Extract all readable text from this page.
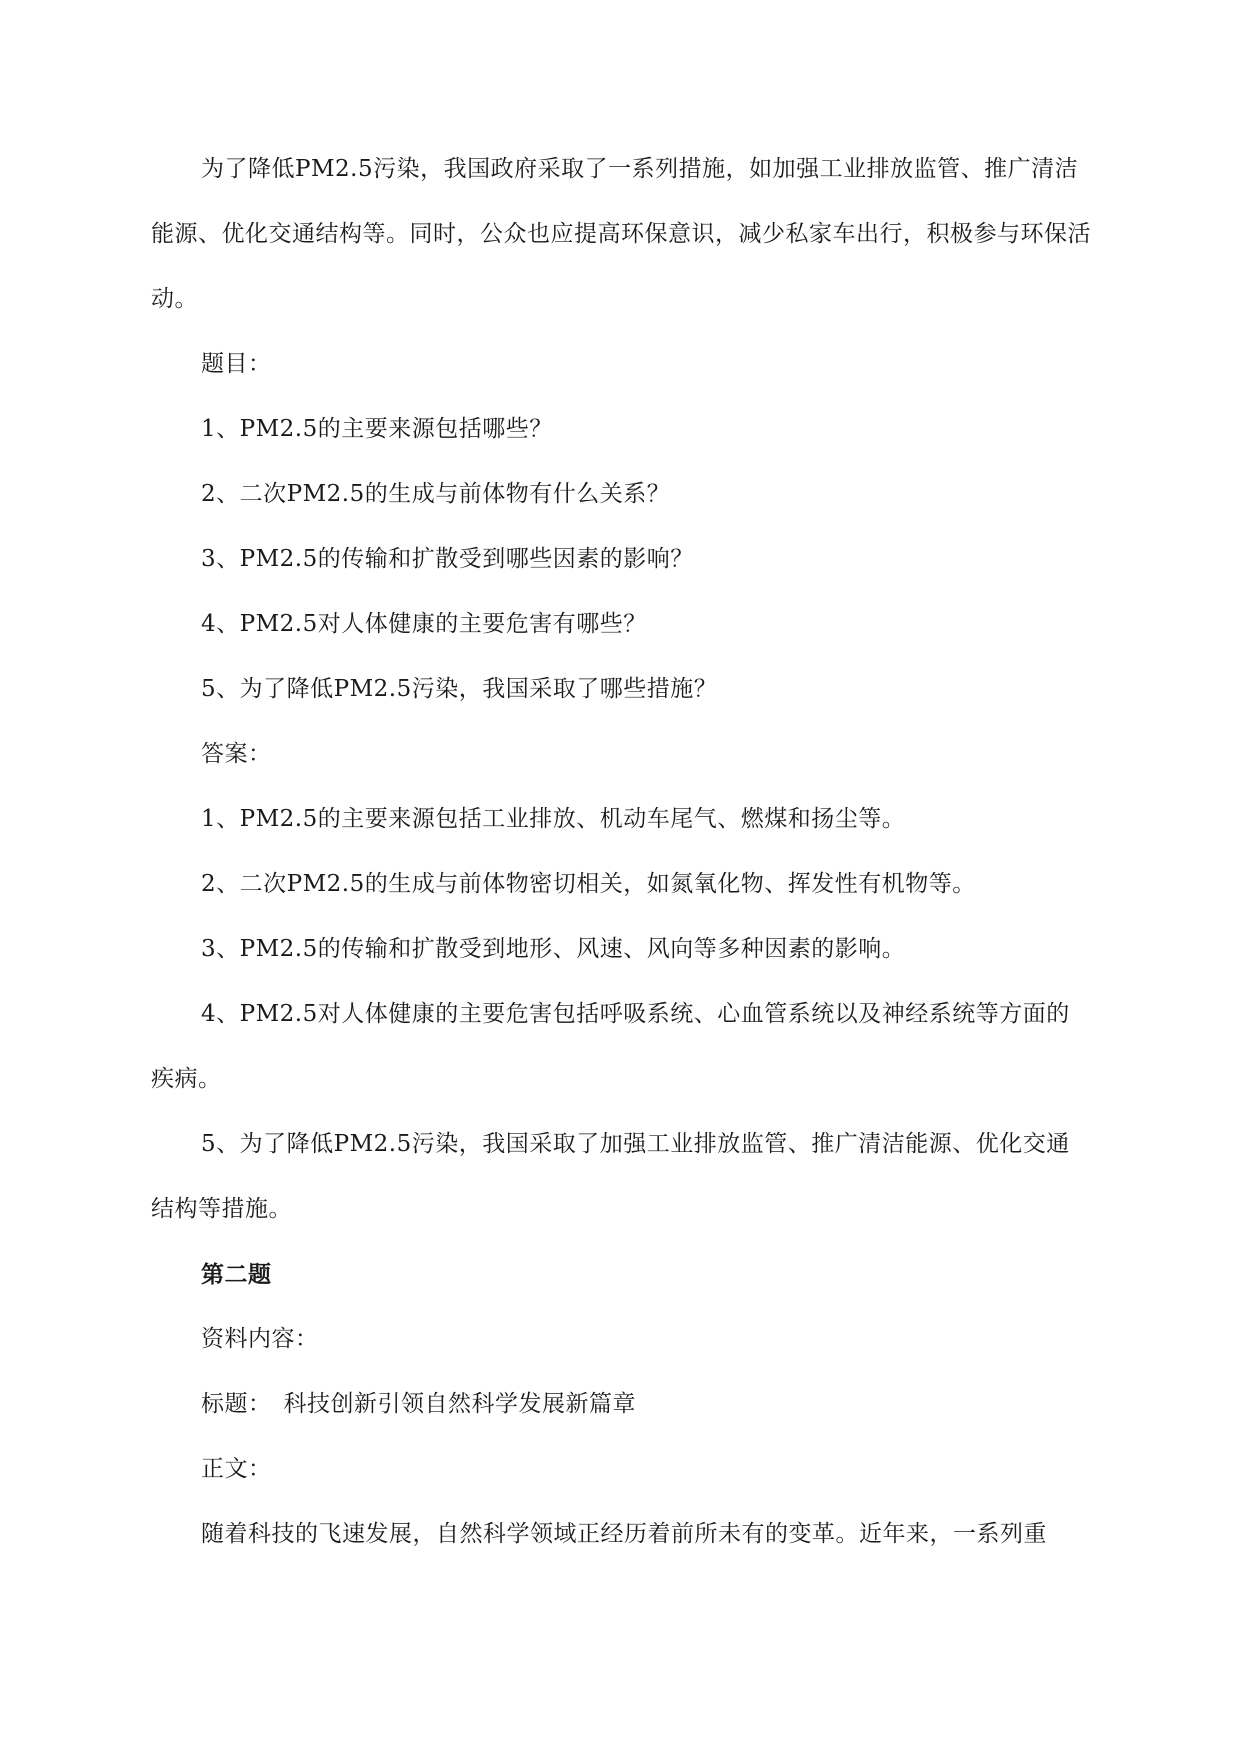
为了降低PM2.5污染，我国政府采取了一系列措施，如加强工业排放监管、推广清洁能源、优化交通结构等。同时，公众也应提高环保意识，减少私家车出行，积极参与环保活动。
题目：
1、PM2.5的主要来源包括哪些？
2、二次PM2.5的生成与前体物有什么关系？
3、PM2.5的传输和扩散受到哪些因素的影响？
4、PM2.5对人体健康的主要危害有哪些？
5、为了降低PM2.5污染，我国采取了哪些措施？
答案：
1、PM2.5的主要来源包括工业排放、机动车尾气、燃煤和扬尘等。
2、二次PM2.5的生成与前体物密切相关，如氮氧化物、挥发性有机物等。
3、PM2.5的传输和扩散受到地形、风速、风向等多种因素的影响。
4、PM2.5对人体健康的主要危害包括呼吸系统、心血管系统以及神经系统等方面的疾病。
5、为了降低PM2.5污染，我国采取了加强工业排放监管、推广清洁能源、优化交通结构等措施。
第二题
资料内容：
标题：　科技创新引领自然科学发展新篇章
正文：
随着科技的飞速发展，自然科学领域正经历着前所未有的变革。近年来，一系列重
